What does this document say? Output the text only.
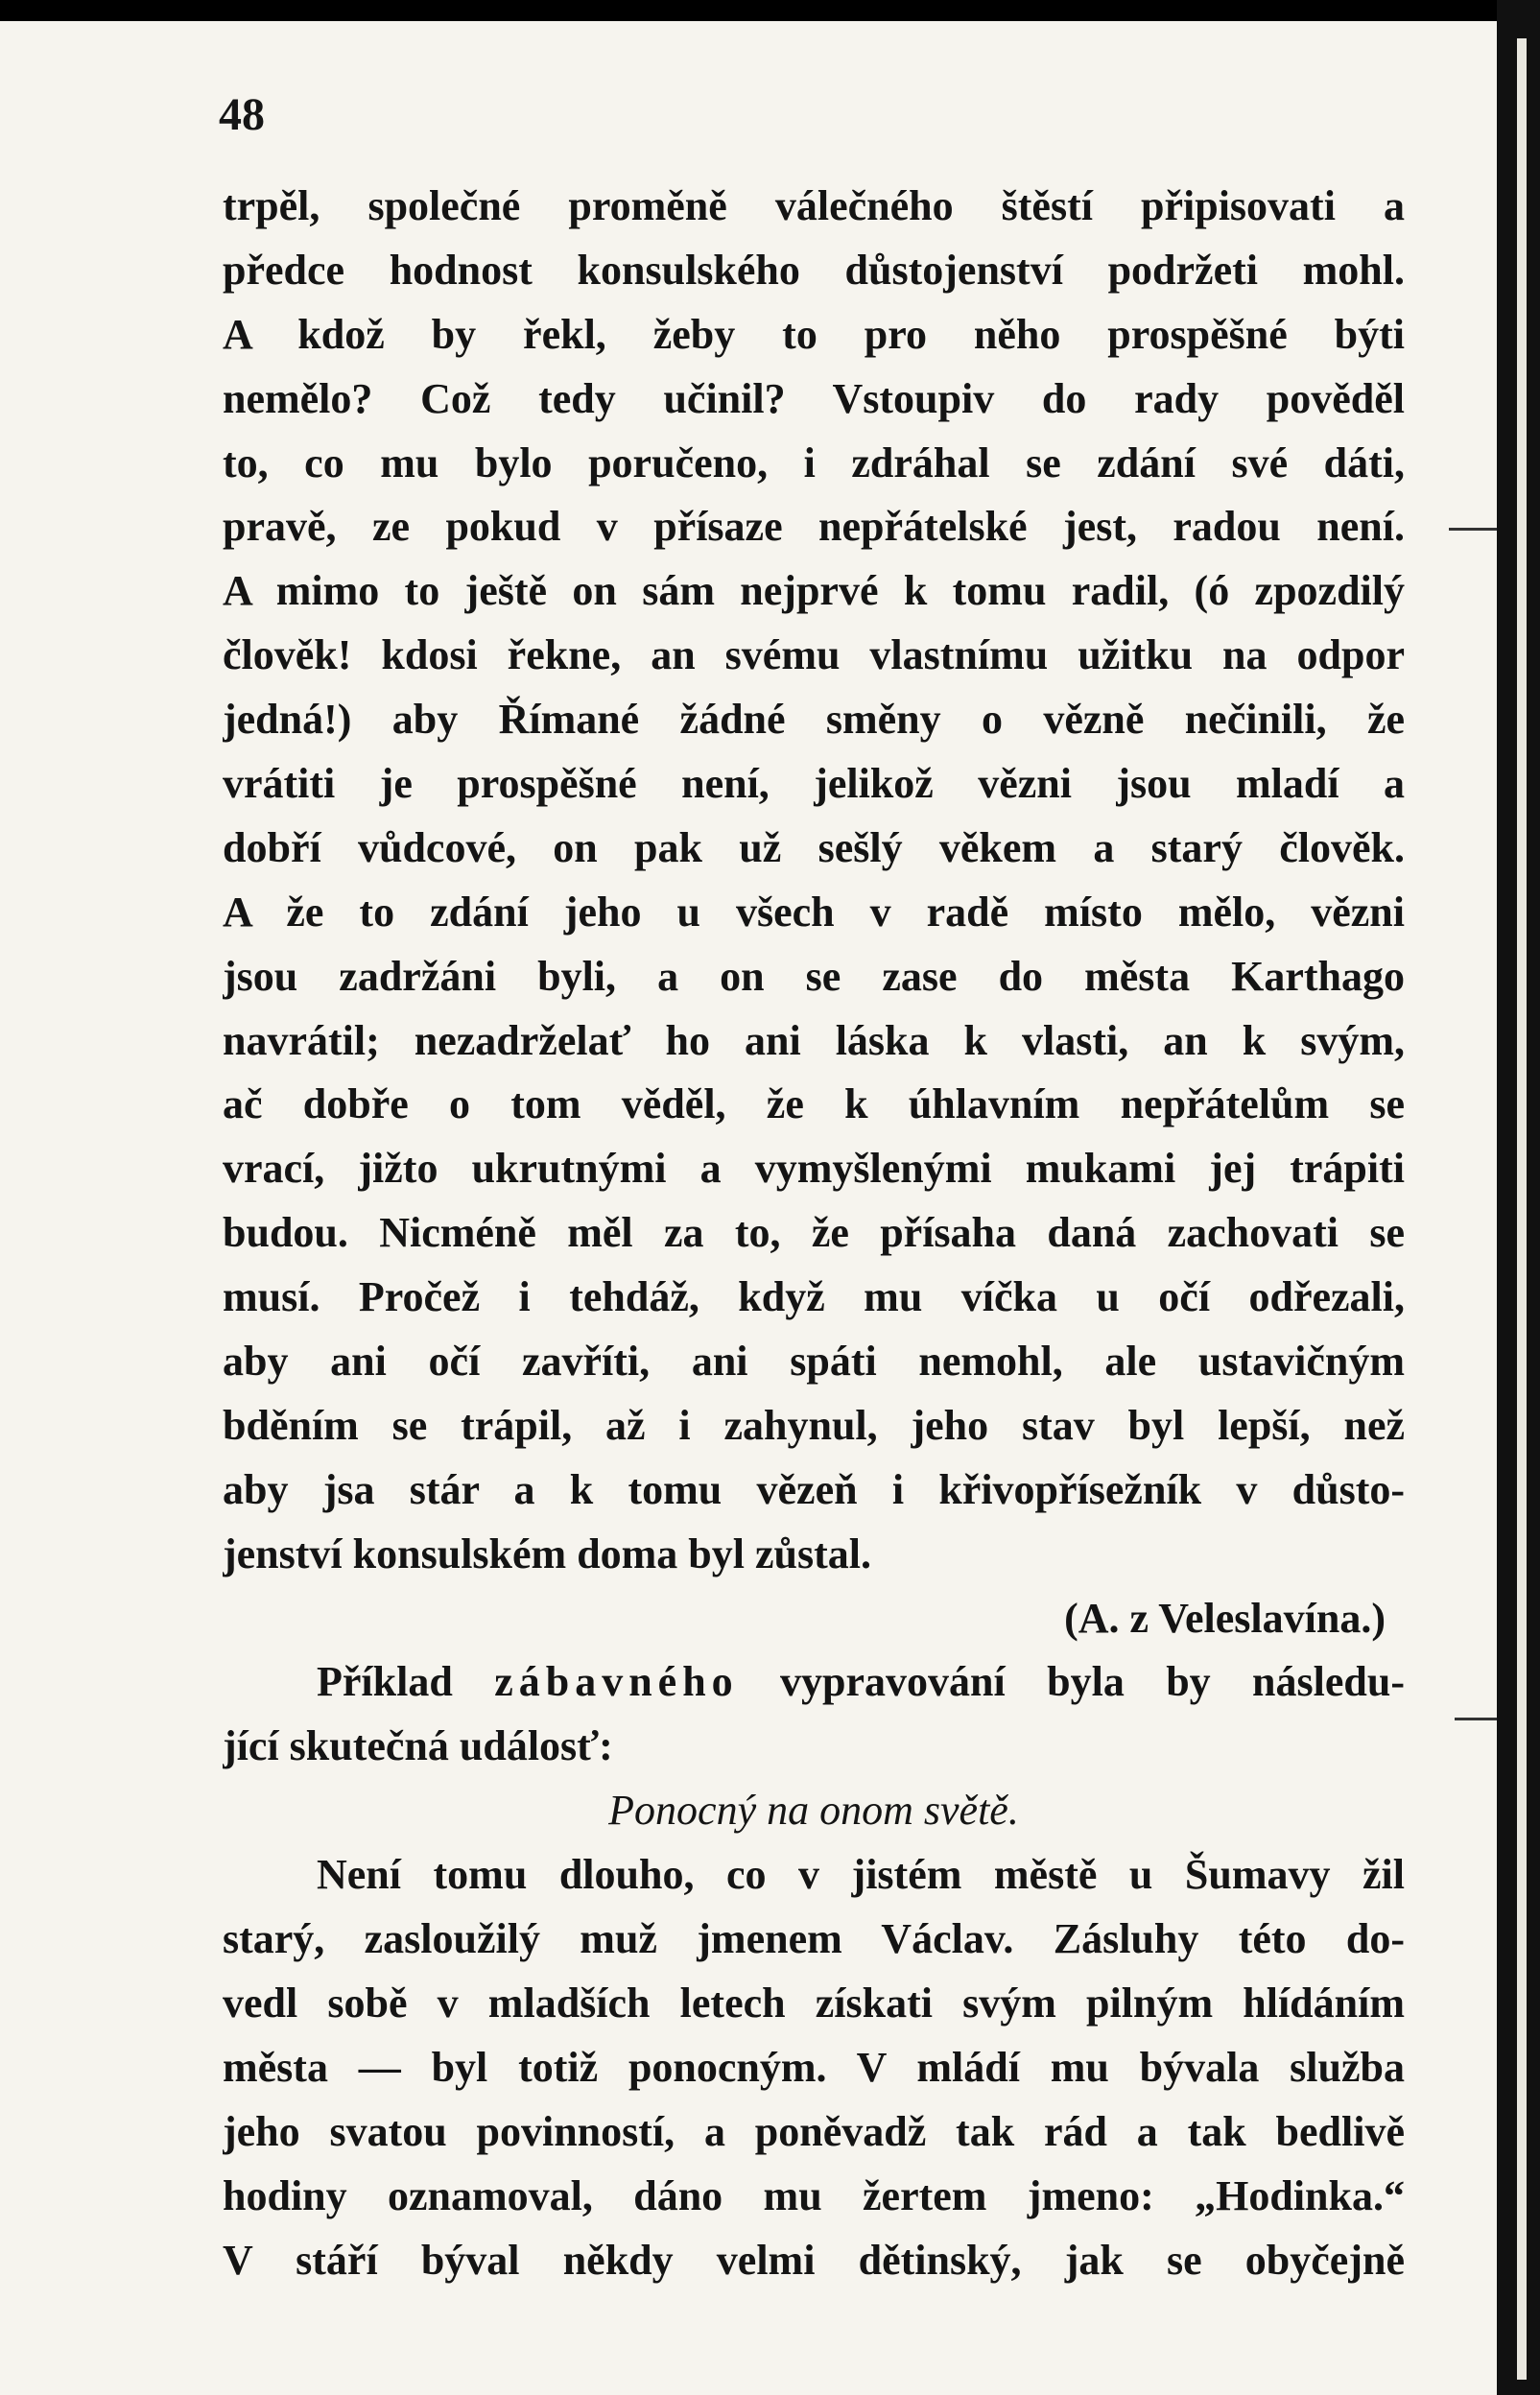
48
trpěl, společné proměně válečného štěstí připisovati a
předce hodnost konsulského důstojenství podržeti mohl.
A kdož by řekl, žeby to pro něho prospěšné býti
nemělo? Což tedy učinil? Vstoupiv do rady pověděl
to, co mu bylo poručeno, i zdráhal se zdání své dáti,
pravě, ze pokud v přísaze nepřátelské jest, radou není.
A mimo to ještě on sám nejprvé k tomu radil, (ó zpozdilý
člověk! kdosi řekne, an svému vlastnímu užitku na odpor
jedná!) aby Římané žádné směny o vězně nečinili, že
vrátiti je prospěšné není, jelikož vězni jsou mladí a
dobří vůdcové, on pak už sešlý věkem a starý člověk.
A že to zdání jeho u všech v radě místo mělo, vězni
jsou zadržáni byli, a on se zase do města Karthago
navrátil; nezadrželať ho ani láska k vlasti, an k svým,
ač dobře o tom věděl, že k úhlavním nepřátelům se
vrací, jižto ukrutnými a vymyšlenými mukami jej trápiti
budou. Nicméně měl za to, že přísaha daná zachovati se
musí. Pročež i tehdáž, když mu víčka u očí odřezali,
aby ani očí zavříti, ani spáti nemohl, ale ustavičným
bděním se trápil, až i zahynul, jeho stav byl lepší, než
aby jsa stár a k tomu vězeň i křivopřísežník v důsto-
jenství konsulském doma byl zůstal.
(A. z Veleslavína.)
Příklad zábavného vypravování byla by následu-
jící skutečná událosť:
Ponocný na onom světě.
Není tomu dlouho, co v jistém městě u Šumavy žil
starý, zasloužilý muž jmenem Václav. Zásluhy této do-
vedl sobě v mladších letech získati svým pilným hlídáním
města — byl totiž ponocným. V mládí mu bývala služba
jeho svatou povinností, a poněvadž tak rád a tak bedlivě
hodiny oznamoval, dáno mu žertem jmeno: „Hodinka.“
V stáří býval někdy velmi dětinský, jak se obyčejně
